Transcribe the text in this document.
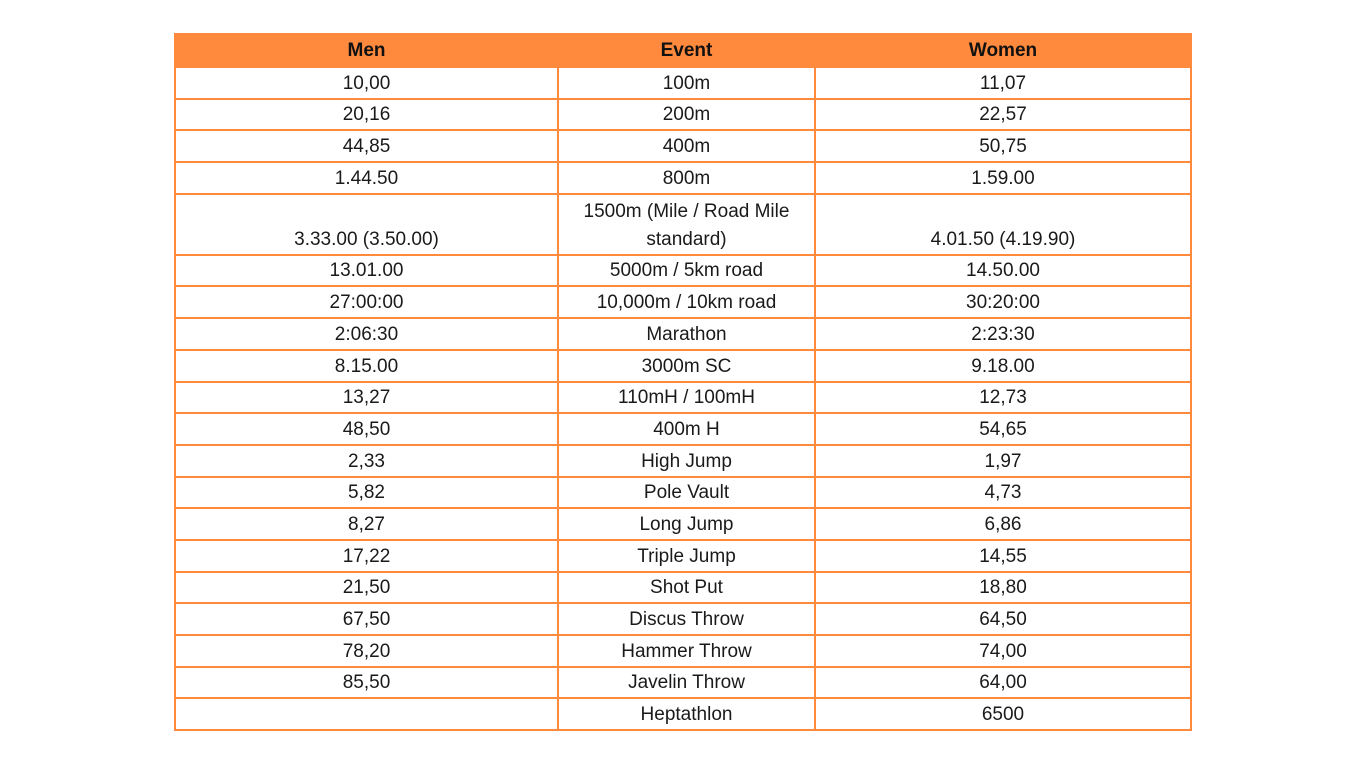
Men	Event	Women
10,00	100m	11,07
20,16	200m	22,57
44,85	400m	50,75
1.44.50	800m	1.59.00
3.33.00 (3.50.00)	1500m (Mile / Road Mile standard)	4.01.50 (4.19.90)
13.01.00	5000m / 5km road	14.50.00
27:00:00	10,000m / 10km road	30:20:00
2:06:30	Marathon	2:23:30
8.15.00	3000m SC	9.18.00
13,27	110mH / 100mH	12,73
48,50	400m H	54,65
2,33	High Jump	1,97
5,82	Pole Vault	4,73
8,27	Long Jump	6,86
17,22	Triple Jump	14,55
21,50	Shot Put	18,80
67,50	Discus Throw	64,50
78,20	Hammer Throw	74,00
85,50	Javelin Throw	64,00
	Heptathlon	6500
